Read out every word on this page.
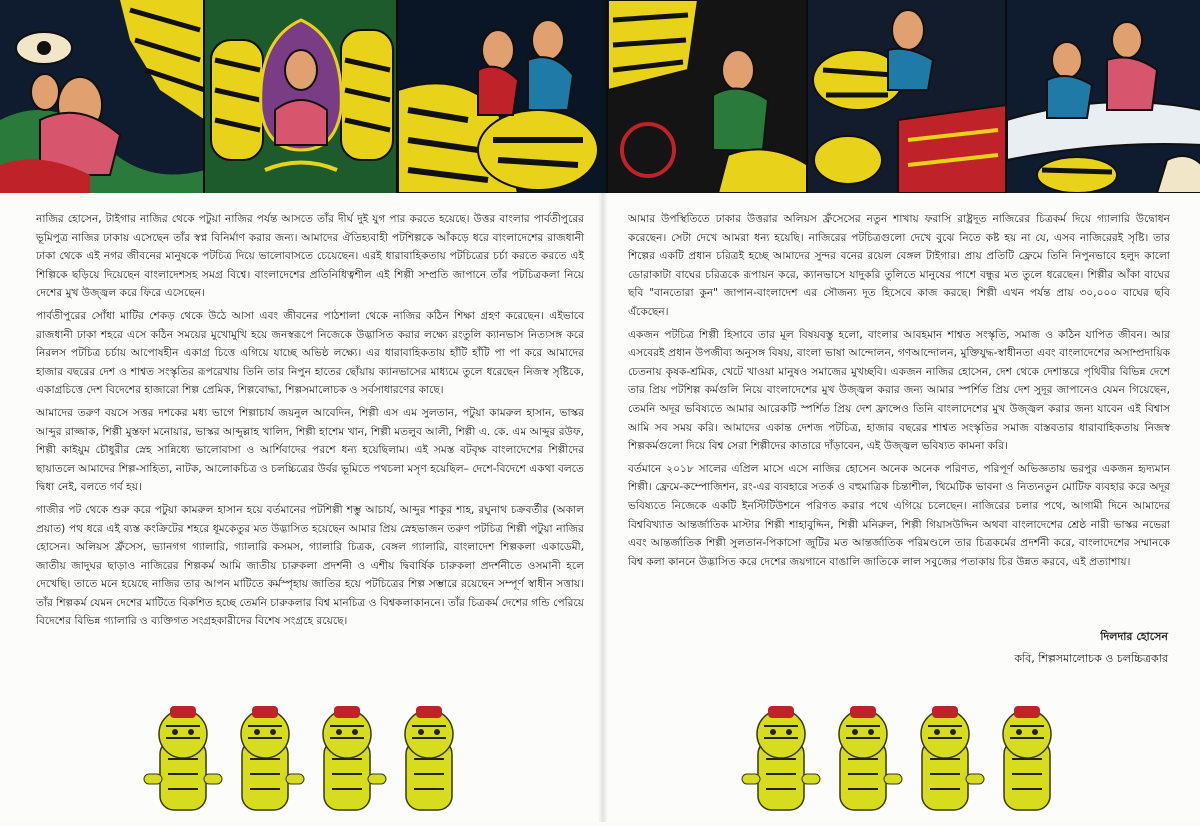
নাজির হোসেন, টাইগার নাজির থেকে পটুয়া নাজির পর্যন্ত আসতে তাঁর দীর্ঘ দুই যুগ পার করতে হয়েছে। উত্তর বাংলার পার্বতীপুরের ভূমিপুত্র নাজির ঢাকায় এসেছেন তাঁর স্বপ্ন বিনির্মাণ করার জন্য। আমাদের ঐতিহ্যবাহী পটশিল্পকে আঁকড়ে ধরে বাংলাদেশের রাজধানী ঢাকা থেকে এই নগর জীবনের মানুষকে পটচিত্র দিয়ে ভালোবাসতে চেয়েছেন। এরই ধারাবাহিকতায় পটচিত্রের চর্চা করতে করতে এই শিল্পিকে ছড়িয়ে দিয়েছেন বাংলাদেশসহ সমগ্র বিশ্বে। বাংলাদেশের প্রতিনিধিত্বশীল এই শিল্পী সম্প্রতি জাপানে তাঁর পটচিত্রকলা নিয়ে দেশের মুখ উজ্জ্বল করে ফিরে এসেছেন।

পার্বতীপুরের সোঁধা মাটির শেকড় থেকে উঠে আসা এবং জীবনের পাঠশালা থেকে নাজির কঠিন শিক্ষা গ্রহণ করেছেন। এইভাবে রাজধানী ঢাকা শহরে এসে কঠিন সময়ের মুখোমুখি হয়ে জনস্বরূপে নিজেকে উদ্ভাসিত করার লক্ষ্যে রংতুলি ক্যানভাস নিত্যসঙ্গ করে নিরলস পটচিত্র চর্চায় আপোষহীন একাগ্র চিত্তে এগিয়ে যাচ্ছে অভিষ্ঠ লক্ষ্যে। এর ধারাবাহিকতায় হাঁটি হাঁটি পা পা করে আমাদের হাজার বছরের দেশ ও শাশ্বত সংস্কৃতির রূপরেখায় তিনি তার নিপুন হাতের ছোঁয়ায় ক্যানভাসের মাধ্যমে তুলে ধরেছেন নিজস্ব সৃষ্টিকে, একাগ্রচিত্তে দেশ বিদেশের হাজারো শিল্প প্রেমিক, শিল্পবোদ্ধা, শিল্পসমালোচক ও সর্বসাধারণের কাছে।

আমাদের তরুণ বয়সে সত্তর দশকের মধ্য ভাগে শিল্পাচার্য জয়নুল আবেদিন, শিল্পী এস এম সুলতান, পটুয়া কামরুল হাসান, ভাস্কর আব্দুর রাজ্জাক, শিল্পী মুস্তফা মনোয়ার, ভাস্কর আব্দুল্লাহ খালিদ, শিল্পী হাশেম খান, শিল্পী মতলুব আলী, শিল্পী এ. কে. এম আব্দুর রউফ, শিল্পী কাইয়ুম চৌধুরীর স্নেহ সান্নিধ্যে ভালোবাসা ও আর্শিবাদের পরশে ধন্য হয়েছিলাম। এই সমস্ত বটবৃক্ষ বাংলাদেশের শিল্পীদের ছায়াতলে আমাদের শিল্প-সাহিত্য, নাটক, আলোকচিত্র ও চলচ্চিত্রের উর্বর ভূমিতে পথচলা মসৃণ হয়েছিল– দেশে-বিদেশে একথা বলতে দ্বিধা নেই, বলতে গর্ব হয়।

গাজীর পট থেকে শুরু করে পটুয়া কামরুল হাসান হয়ে বর্তমানের পটশিল্পী শম্ভু আচার্য, আব্দুর শাকুর শাহ, রঘুনাথ চক্রবর্তীর (অকাল প্রয়াত) পথ ধরে এই ব্যস্ত কংক্রিটের শহরে ধূমকেতুর মত উদ্ভাসিত হয়েছেন আমার প্রিয় স্নেহভাজন তরুণ পটচিত্র শিল্পী পটুয়া নাজির হোসেন। অলিয়স ফ্রঁসেস, ভ্যানগগ গ্যালারি, গ্যালারি কসমস, গ্যালারি চিত্রক, বেঙ্গল গ্যালারি, বাংলাদেশ শিল্পকলা একাডেমী, জাতীয় জাদুঘর ছাড়াও নাজিরের শিল্পকর্ম আমি জাতীয় চারুকলা প্রদর্শনী ও এশীয় দ্বিবার্ষিক চারুকলা প্রদর্শনীতে ওসমানী হলে দেখেছি। তাতে মনে হয়েছে নাজির তার আপন মাটিতে কর্মস্পৃহায় জাতির হয়ে পটচিত্রের শিল্প সম্ভারে রয়েছেন সম্পূর্ণ স্বাধীন সত্তায়। তাঁর শিল্পকর্ম যেমন দেশের মাটিতে বিকশিত হচ্ছে তেমনি চারুকলার বিশ্ব মানচিত্র ও বিশ্বকলাকাননে। তাঁর চিত্রকর্ম দেশের গন্ডি পেরিয়ে বিদেশের বিভিন্ন গ্যালারি ও ব্যক্তিগত সংগ্রহকারীদের বিশেষ সংগ্রহে রয়েছে।

আমার উপস্থিতিতে ঢাকার উত্তরার অলিয়স ফ্রঁসেসের নতুন শাখায় ফরাসি রাষ্ট্রদূত নাজিরের চিত্রকর্ম দিয়ে গ্যালারি উদ্বোধন করেছেন। সেটা দেখে আমরা ধন্য হয়েছি। নাজিরের পটচিত্রগুলো দেখে বুঝে নিতে কষ্ট হয় না যে, এসব নাজিরেরই সৃষ্টি। তার শিল্পের একটি প্রধান চরিত্রই হচ্ছে আমাদের সুন্দর বনের রয়েল বেঙ্গল টাইগার। প্রায় প্রতিটি ফ্রেমে তিনি নিপুনভাবে হলুদ কালো ডোরাকাটা বাঘের চরিত্রকে রূপায়ন করে, ক্যানভাসে যাদুকরি তুলিতে মানুষের পাশে বন্ধুর মত তুলে ধরেছেন। শিল্পীর আঁকা বাঘের ছবি "বানতোরা কুন" জাপান-বাংলাদেশ এর সৌজন্য দূত হিসেবে কাজ করছে। শিল্পী এখন পর্যন্ত প্রায় ৩০,০০০ বাঘের ছবি এঁকেছেন।

একজন পটচিত্র শিল্পী হিসাবে তার মূল বিষয়বস্তু হলো, বাংলার আবহমান শাশ্বত সংস্কৃতি, সমাজ ও কঠিন যাপিত জীবন। আর এসবেরই প্রধান উপজীব্য অনুসঙ্গ বিষয়, বাংলা ভাষা আন্দোলন, গণআন্দোলন, মুক্তিযুদ্ধ-স্বাধীনতা এবং বাংলাদেশের অসাম্প্রদায়িক চেতনায় কৃষক-শ্রমিক, খেটে খাওয়া মানুষও সমাজের মুখচ্ছবি। একজন নাজির হোসেন, দেশ থেকে দেশান্তরে পৃথিবীর বিভিন্ন দেশে তার প্রিয় পটশিল্প কর্মগুলি নিয়ে বাংলাদেশের মুখ উজ্জ্বল করার জন্য আমার স্পর্শিত প্রিয় দেশ সুদূর জাপানেও যেমন গিয়েছেন, তেমনি অদূর ভবিষ্যতে আমার আরেকটি স্পর্শিত প্রিয় দেশ ফ্রান্সেও তিনি বাংলাদেশের মুখ উজ্জ্বল করার জন্য যাবেন এই বিশ্বাস আমি সব সময় করি। আমাদের একান্ত দেশজ পটচিত্র, হাজার বছরের শাশ্বত সংস্কৃতির সমাজ বাস্তবতার ধারাবাহিকতায় নিজস্ব শিল্পকর্মগুলো দিয়ে বিশ্ব সেরা শিল্পীদের কাতারে দাঁড়াবেন, এই উজ্জ্বল ভবিষ্যত কামনা করি।

বর্তমানে ২০১৮ সালের এপ্রিল মাসে এসে নাজির হোসেন অনেক অনেক পরিণত, পরিপূর্ণ অভিজ্ঞতায় ভরপুর একজন হৃদ্যমান শিল্পী। ফ্রেমে-কম্পোজিশন, রং-এর ব্যবহারে সতর্ক ও বহুমাত্রিক চিন্তাশীল, থিমেটিক ভাবনা ও নিত্যনতুন মোটিফ ব্যবহার করে অদূর ভবিষ্যতে নিজেকে একটি ইনস্টিটিউশনে পরিণত করার পথে এগিয়ে চলেছেন। নাজিরের চলার পথে, আগামী দিনে আমাদের বিশ্ববিখ্যাত আন্তর্জাতিক মাস্টার শিল্পী শাহাবুদ্দিন, শিল্পী মনিরুল, শিল্পী গিয়াসউদ্দিন অথবা বাংলাদেশের শ্রেষ্ঠ নারী ভাস্কর নভেরা এবং আন্তর্জাতিক শিল্পী সুলতান-পিকাসো জুটির মত আন্তর্জাতিক পরিমণ্ডলে তার চিত্রকর্মের প্রদর্শনী করে, বাংলাদেশের সম্মানকে বিশ্ব কলা কাননে উদ্ভাসিত করে দেশের জয়গানে বাঙালি জাতিকে লাল সবুজের পতাকায় চির উন্নত করবে, এই প্রত্যাশায়।

দিলদার হোসেন
কবি, শিল্পসমালোচক ও চলচ্চিত্রকার
